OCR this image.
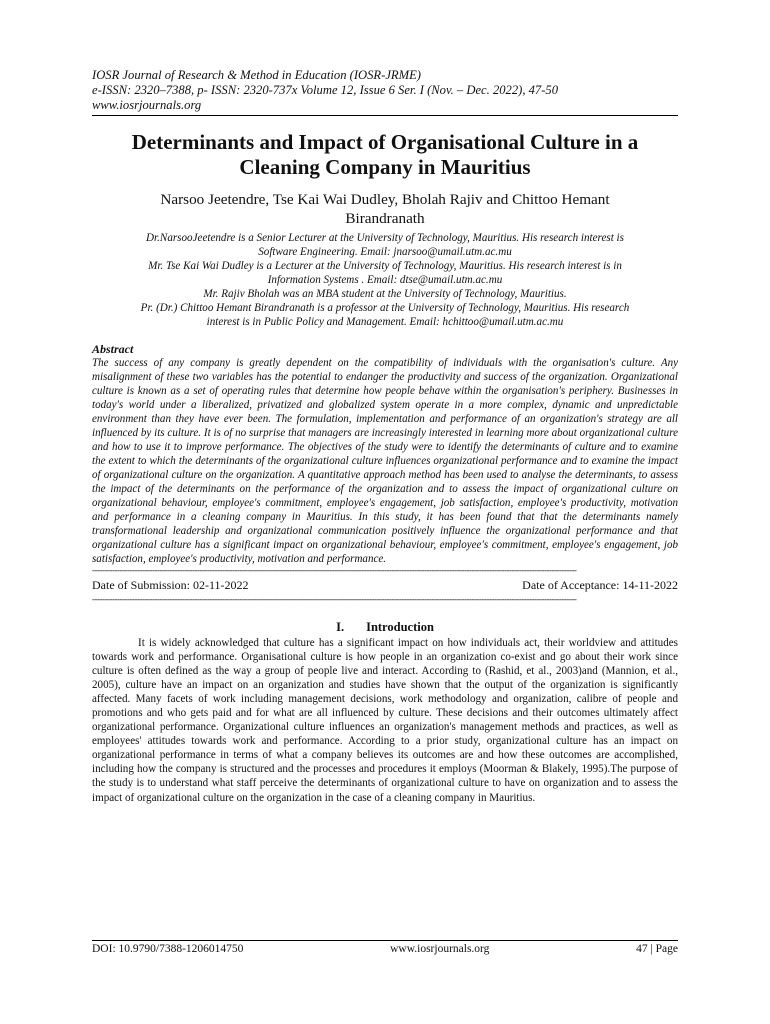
IOSR Journal of Research & Method in Education (IOSR-JRME)
e-ISSN: 2320–7388, p- ISSN: 2320-737x Volume 12, Issue 6 Ser. I (Nov. – Dec. 2022), 47-50
www.iosrjournals.org
Determinants and Impact of Organisational Culture in a
Cleaning Company in Mauritius
Narsoo Jeetendre, Tse Kai Wai Dudley, Bholah Rajiv and Chittoo Hemant
Birandranath
Dr.NarsooJeetendre is a Senior Lecturer at the University of Technology, Mauritius. His research interest is
Software Engineering. Email: jnarsoo@umail.utm.ac.mu
Mr. Tse Kai Wai Dudley is a Lecturer at the University of Technology, Mauritius. His research interest is in
Information Systems . Email: dtse@umail.utm.ac.mu
Mr. Rajiv Bholah was an MBA student at the University of Technology, Mauritius.
Pr. (Dr.) Chittoo Hemant Birandranath is a professor at the University of Technology, Mauritius. His research
interest is in Public Policy and Management. Email: hchittoo@umail.utm.ac.mu
Abstract

The success of any company is greatly dependent on the compatibility of individuals with the organisation's culture. Any misalignment of these two variables has the potential to endanger the productivity and success of the organization. Organizational culture is known as a set of operating rules that determine how people behave within the organisation's periphery. Businesses in today's world under a liberalized, privatized and globalized system operate in a more complex, dynamic and unpredictable environment than they have ever been. The formulation, implementation and performance of an organization's strategy are all influenced by its culture. It is of no surprise that managers are increasingly interested in learning more about organizational culture and how to use it to improve performance. The objectives of the study were to identify the determinants of culture and to examine the extent to which the determinants of the organizational culture influences organizational performance and to examine the impact of organizational culture on the organization. A quantitative approach method has been used to analyse the determinants, to assess the impact of the determinants on the performance of the organization and to assess the impact of organizational culture on organizational behaviour, employee's commitment, employee's engagement, job satisfaction, employee's productivity, motivation and performance in a cleaning company in Mauritius. In this study, it has been found that that the determinants namely transformational leadership and organizational communication positively influence the organizational performance and that organizational culture has a significant impact on organizational behaviour, employee's commitment, employee's engagement, job satisfaction, employee's productivity, motivation and performance.

--------------------------------------------------------------------------------------------------------------------------------------------------------------------------------------------------
Date of Submission: 02-11-2022	Date of Acceptance: 14-11-2022
--------------------------------------------------------------------------------------------------------------------------------------------------------------------------------------------------
I. Introduction

It is widely acknowledged that culture has a significant impact on how individuals act, their worldview and attitudes towards work and performance. Organisational culture is how people in an organization co-exist and go about their work since culture is often defined as the way a group of people live and interact. According to (Rashid, et al., 2003)and (Mannion, et al., 2005), culture have an impact on an organization and studies have shown that the output of the organization is significantly affected. Many facets of work including management decisions, work methodology and organization, calibre of people and promotions and who gets paid and for what are all influenced by culture. These decisions and their outcomes ultimately affect organizational performance. Organizational culture influences an organization's management methods and practices, as well as employees' attitudes towards work and performance. According to a prior study, organizational culture has an impact on organizational performance in terms of what a company believes its outcomes are and how these outcomes are accomplished, including how the company is structured and the processes and procedures it employs (Moorman & Blakely, 1995).The purpose of the study is to understand what staff perceive the determinants of organizational culture to have on organization and to assess the impact of organizational culture on the organization in the case of a cleaning company in Mauritius.

DOI: 10.9790/7388-1206014750	www.iosrjournals.org	47 | Page
